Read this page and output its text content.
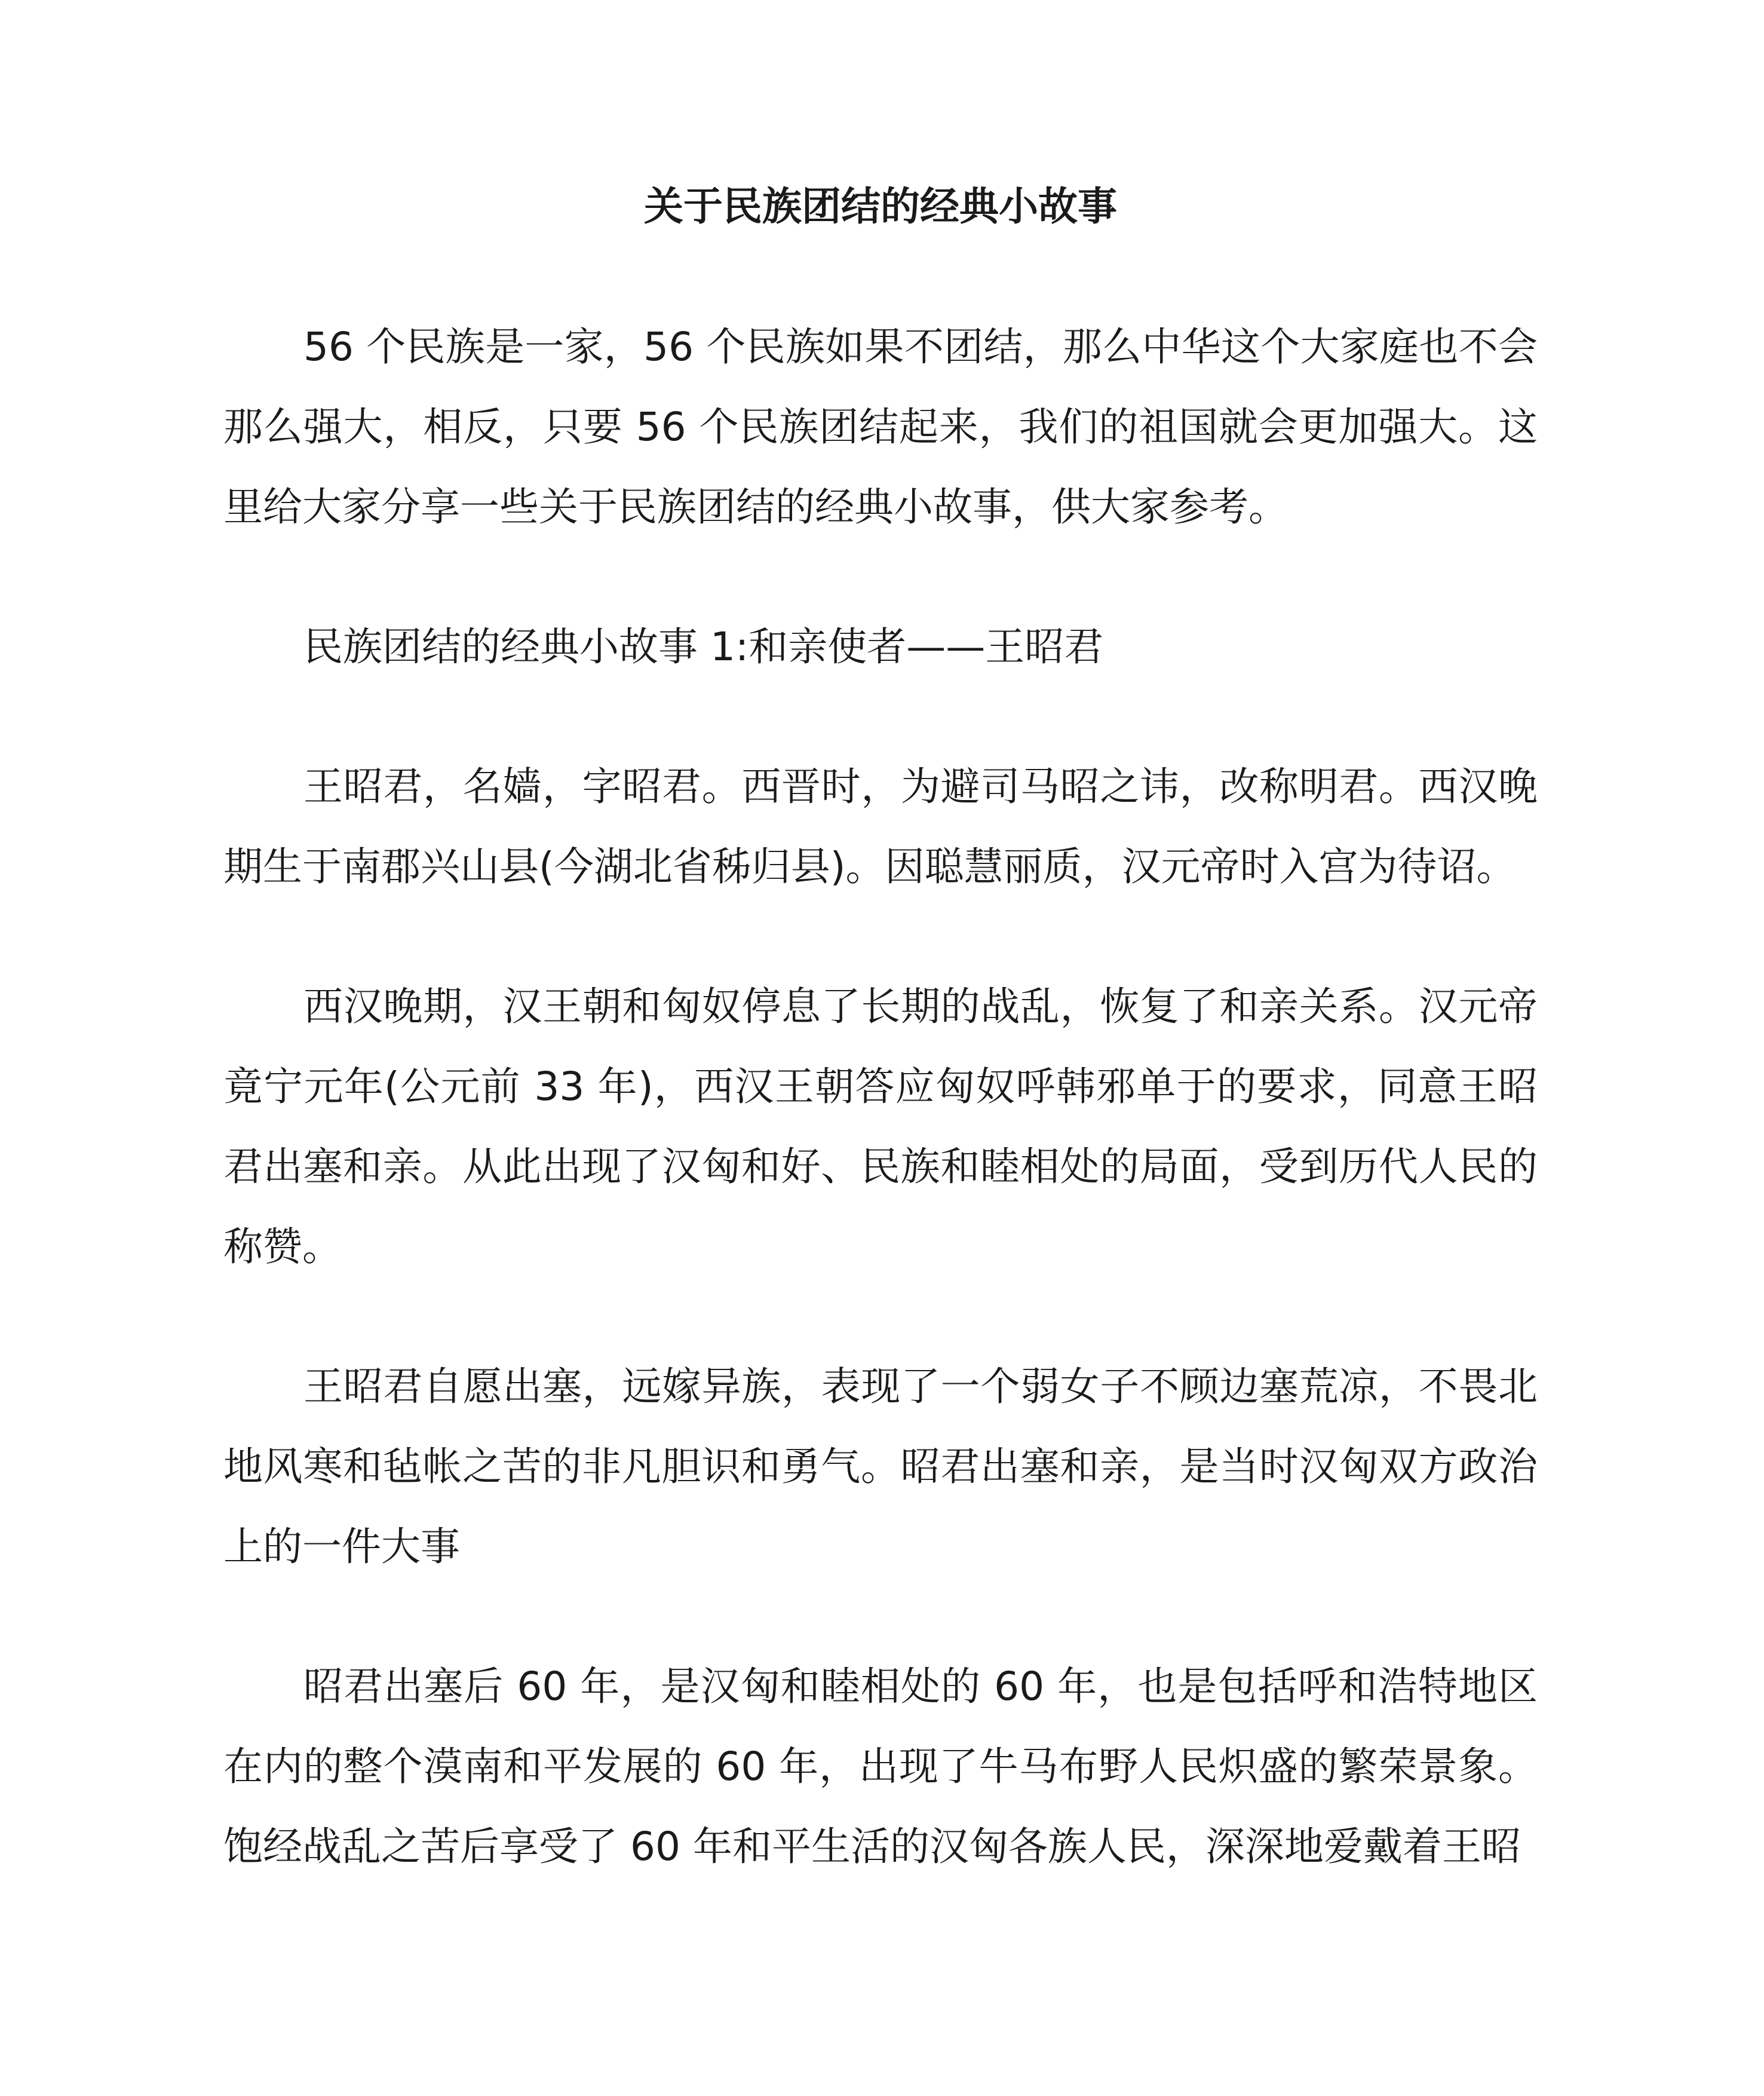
关于民族团结的经典小故事

56 个民族是一家，56 个民族如果不团结，那么中华这个大家庭也不会那么强大，相反，只要 56 个民族团结起来，我们的祖国就会更加强大。这里给大家分享一些关于民族团结的经典小故事，供大家参考。

民族团结的经典小故事 1:和亲使者——王昭君

王昭君，名嫱，字昭君。西晋时，为避司马昭之讳，改称明君。西汉晚期生于南郡兴山县(今湖北省秭归县)。因聪慧丽质，汉元帝时入宫为待诏。

西汉晚期，汉王朝和匈奴停息了长期的战乱，恢复了和亲关系。汉元帝竟宁元年(公元前 33 年)，西汉王朝答应匈奴呼韩邪单于的要求，同意王昭君出塞和亲。从此出现了汉匈和好、民族和睦相处的局面，受到历代人民的称赞。

王昭君自愿出塞，远嫁异族，表现了一个弱女子不顾边塞荒凉，不畏北地风寒和毡帐之苦的非凡胆识和勇气。昭君出塞和亲，是当时汉匈双方政治上的一件大事

昭君出塞后 60 年，是汉匈和睦相处的 60 年，也是包括呼和浩特地区在内的整个漠南和平发展的 60 年，出现了牛马布野人民炽盛的繁荣景象。饱经战乱之苦后享受了 60 年和平生活的汉匈各族人民，深深地爱戴着王昭
